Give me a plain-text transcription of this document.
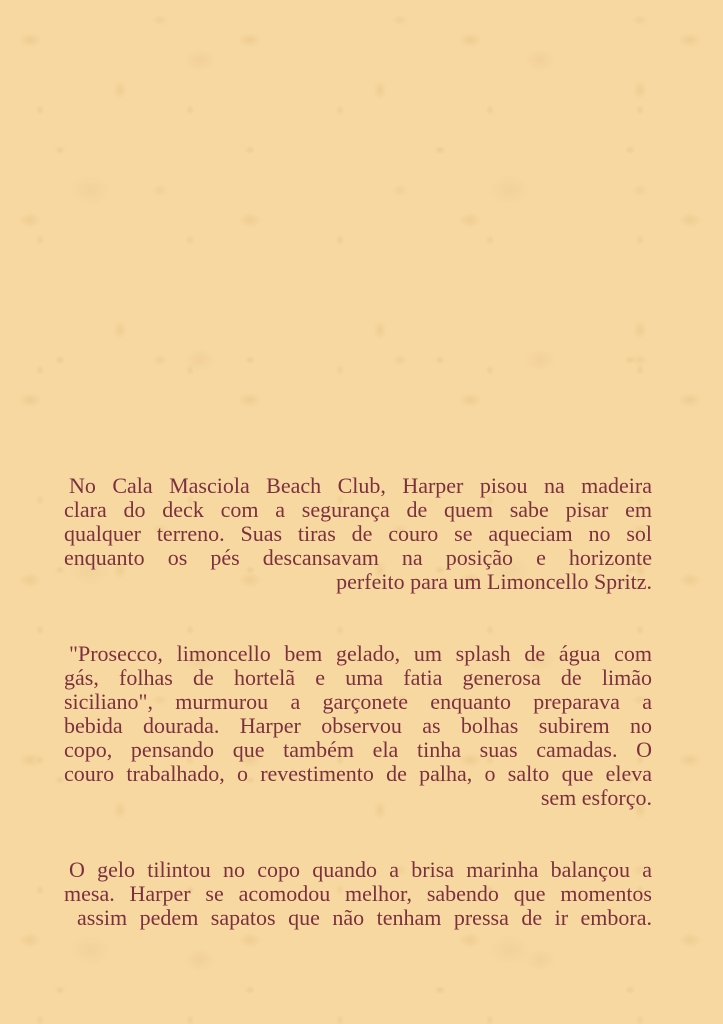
No Cala Masciola Beach Club, Harper pisou na madeira
clara do deck com a segurança de quem sabe pisar em
qualquer terreno. Suas tiras de couro se aqueciam no sol
enquanto os pés descansavam na posição e horizonte
perfeito para um Limoncello Spritz.
"Prosecco, limoncello bem gelado, um splash de água com
gás, folhas de hortelã e uma fatia generosa de limão
siciliano", murmurou a garçonete enquanto preparava a
bebida dourada. Harper observou as bolhas subirem no
copo, pensando que também ela tinha suas camadas. O
couro trabalhado, o revestimento de palha, o salto que eleva
sem esforço.
O gelo tilintou no copo quando a brisa marinha balançou a
mesa. Harper se acomodou melhor, sabendo que momentos
assim pedem sapatos que não tenham pressa de ir embora.
